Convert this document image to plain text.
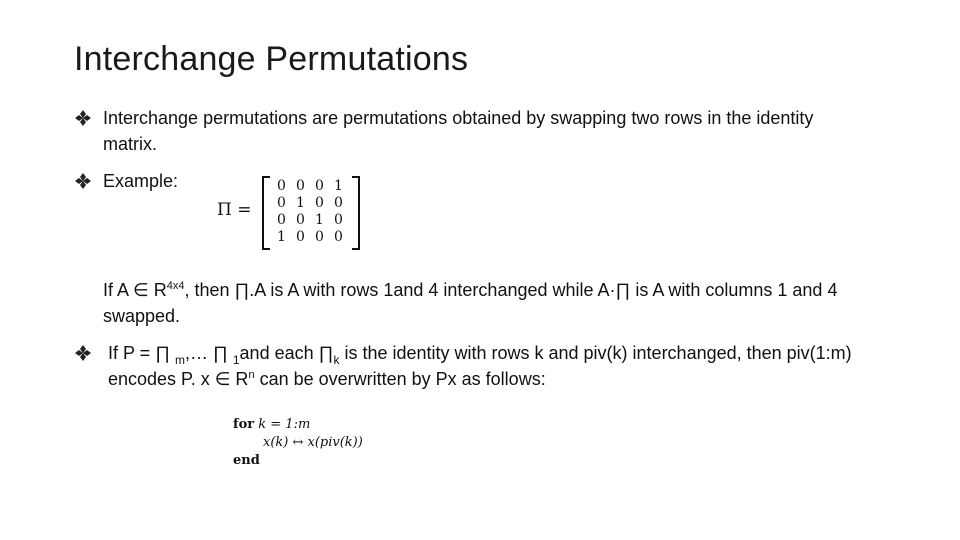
Interchange Permutations
Interchange permutations are permutations obtained by swapping two rows in the identity matrix.
Example:
Π =
0	0	0	1
0	1	0	0
0	0	1	0
1	0	0	0
If A ∈ $R^{4x4}$, then ∏.A is A with rows 1and 4 interchanged while A·∏ is A with columns 1 and 4 swapped.
If P = ∏ $_m$,… ∏ $_1$and each $\prod_k$ is the identity with rows k and piv(k) interchanged, then piv(1:m) encodes P. x ∈ $R^n$ can be overwritten by Px as follows:
for k = 1:m
x(k) ↔ x(piv(k))
end
